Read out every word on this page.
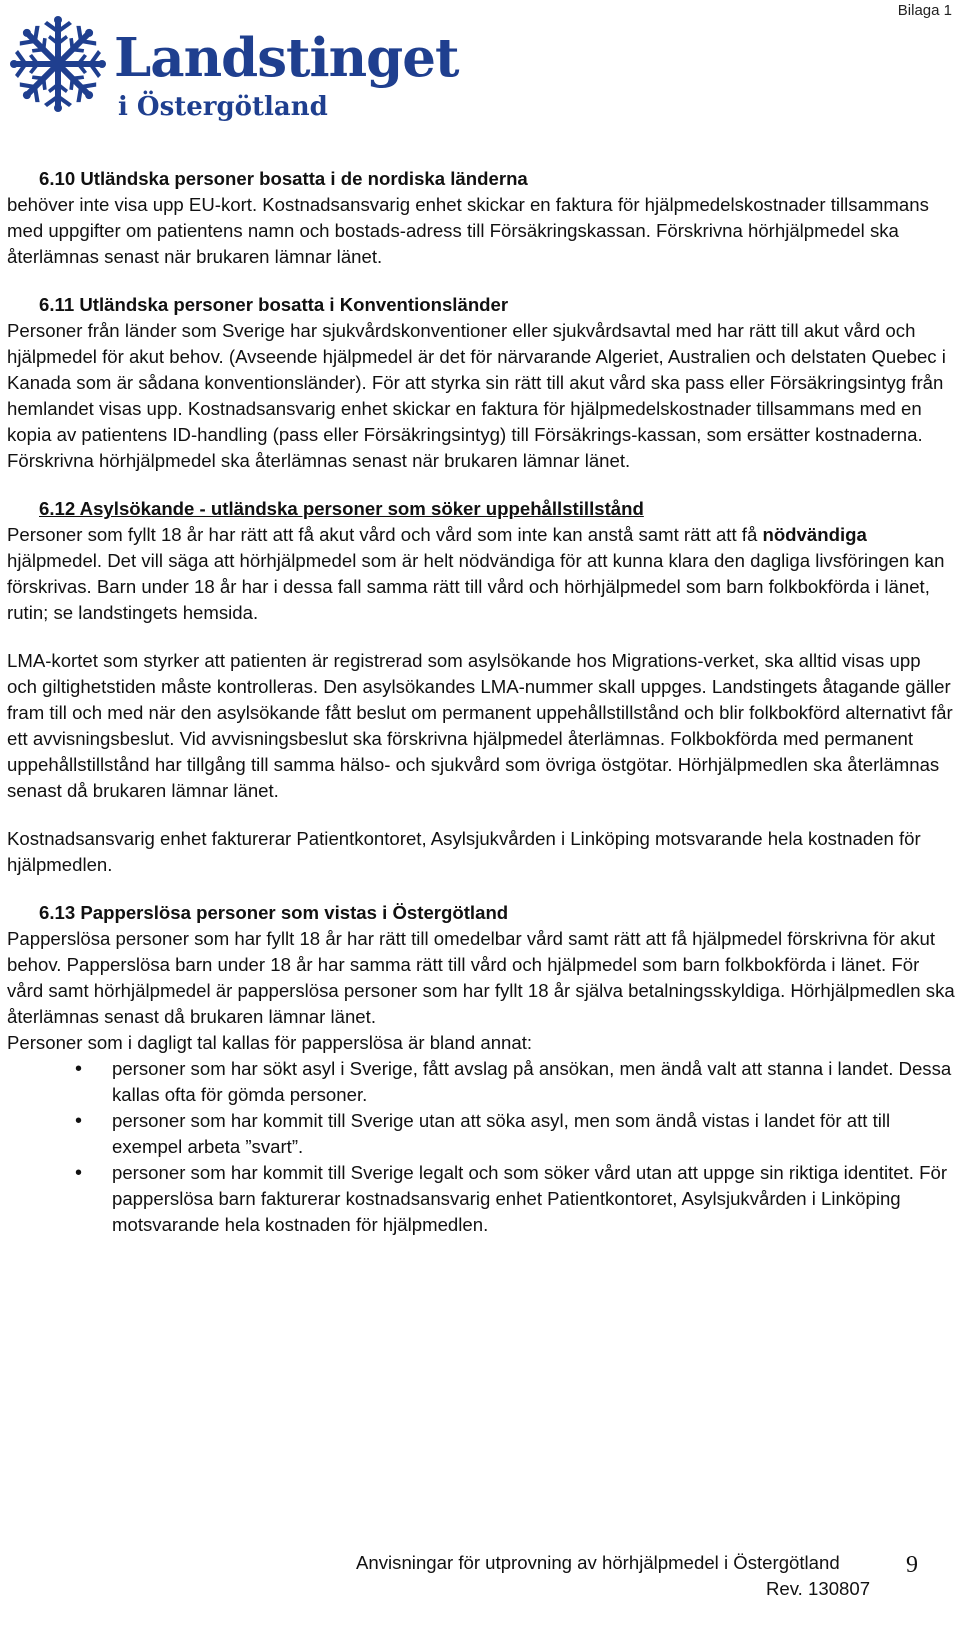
Bilaga 1
Landstinget
i Östergötland
6.10 Utländska personer bosatta i de nordiska länderna

behöver inte visa upp EU-kort. Kostnadsansvarig enhet skickar en faktura för hjälpmedelskostnader tillsammans med uppgifter om patientens namn och bostads-adress till Försäkringskassan. Förskrivna hörhjälpmedel ska återlämnas senast när brukaren lämnar länet.

6.11 Utländska personer bosatta i Konventionsländer

Personer från länder som Sverige har sjukvårdskonventioner eller sjukvårdsavtal med har rätt till akut vård och hjälpmedel för akut behov. (Avseende hjälpmedel är det för närvarande Algeriet, Australien och delstaten Quebec i Kanada som är sådana konventionsländer). För att styrka sin rätt till akut vård ska pass eller Försäkringsintyg från hemlandet visas upp. Kostnadsansvarig enhet skickar en faktura för hjälpmedelskostnader tillsammans med en kopia av patientens ID-handling (pass eller Försäkringsintyg) till Försäkrings-kassan, som ersätter kostnaderna.

Förskrivna hörhjälpmedel ska återlämnas senast när brukaren lämnar länet.

6.12 Asylsökande - utländska personer som söker uppehållstillstånd

Personer som fyllt 18 år har rätt att få akut vård och vård som inte kan anstå samt rätt att få nödvändiga hjälpmedel. Det vill säga att hörhjälpmedel som är helt nödvändiga för att kunna klara den dagliga livsföringen kan förskrivas. Barn under 18 år har i dessa fall samma rätt till vård och hörhjälpmedel som barn folkbokförda i länet, rutin; se landstingets hemsida.

LMA-kortet som styrker att patienten är registrerad som asylsökande hos Migrations-verket, ska alltid visas upp och giltighetstiden måste kontrolleras. Den asylsökandes LMA-nummer skall uppges. Landstingets åtagande gäller fram till och med när den asylsökande fått beslut om permanent uppehållstillstånd och blir folkbokförd alternativt får ett avvisningsbeslut. Vid avvisningsbeslut ska förskrivna hjälpmedel återlämnas. Folkbokförda med permanent uppehållstillstånd har tillgång till samma hälso- och sjukvård som övriga östgötar. Hörhjälpmedlen ska återlämnas senast då brukaren lämnar länet.

Kostnadsansvarig enhet fakturerar Patientkontoret, Asylsjukvården i Linköping motsvarande hela kostnaden för hjälpmedlen.

6.13 Papperslösa personer som vistas i Östergötland

Papperslösa personer som har fyllt 18 år har rätt till omedelbar vård samt rätt att få hjälpmedel förskrivna för akut behov. Papperslösa barn under 18 år har samma rätt till vård och hjälpmedel som barn folkbokförda i länet. För vård samt hörhjälpmedel är papperslösa personer som har fyllt 18 år själva betalningsskyldiga. Hörhjälpmedlen ska återlämnas senast då brukaren lämnar länet.

Personer som i dagligt tal kallas för papperslösa är bland annat:

• personer som har sökt asyl i Sverige, fått avslag på ansökan, men ändå valt att stanna i landet. Dessa kallas ofta för gömda personer.
• personer som har kommit till Sverige utan att söka asyl, men som ändå vistas i landet för att till exempel arbeta ”svart”.
• personer som har kommit till Sverige legalt och som söker vård utan att uppge sin riktiga identitet. För papperslösa barn fakturerar kostnadsansvarig enhet Patientkontoret, Asylsjukvården i Linköping motsvarande hela kostnaden för hjälpmedlen.
Anvisningar för utprovning av hörhjälpmedel i Östergötland
Rev. 130807
9
